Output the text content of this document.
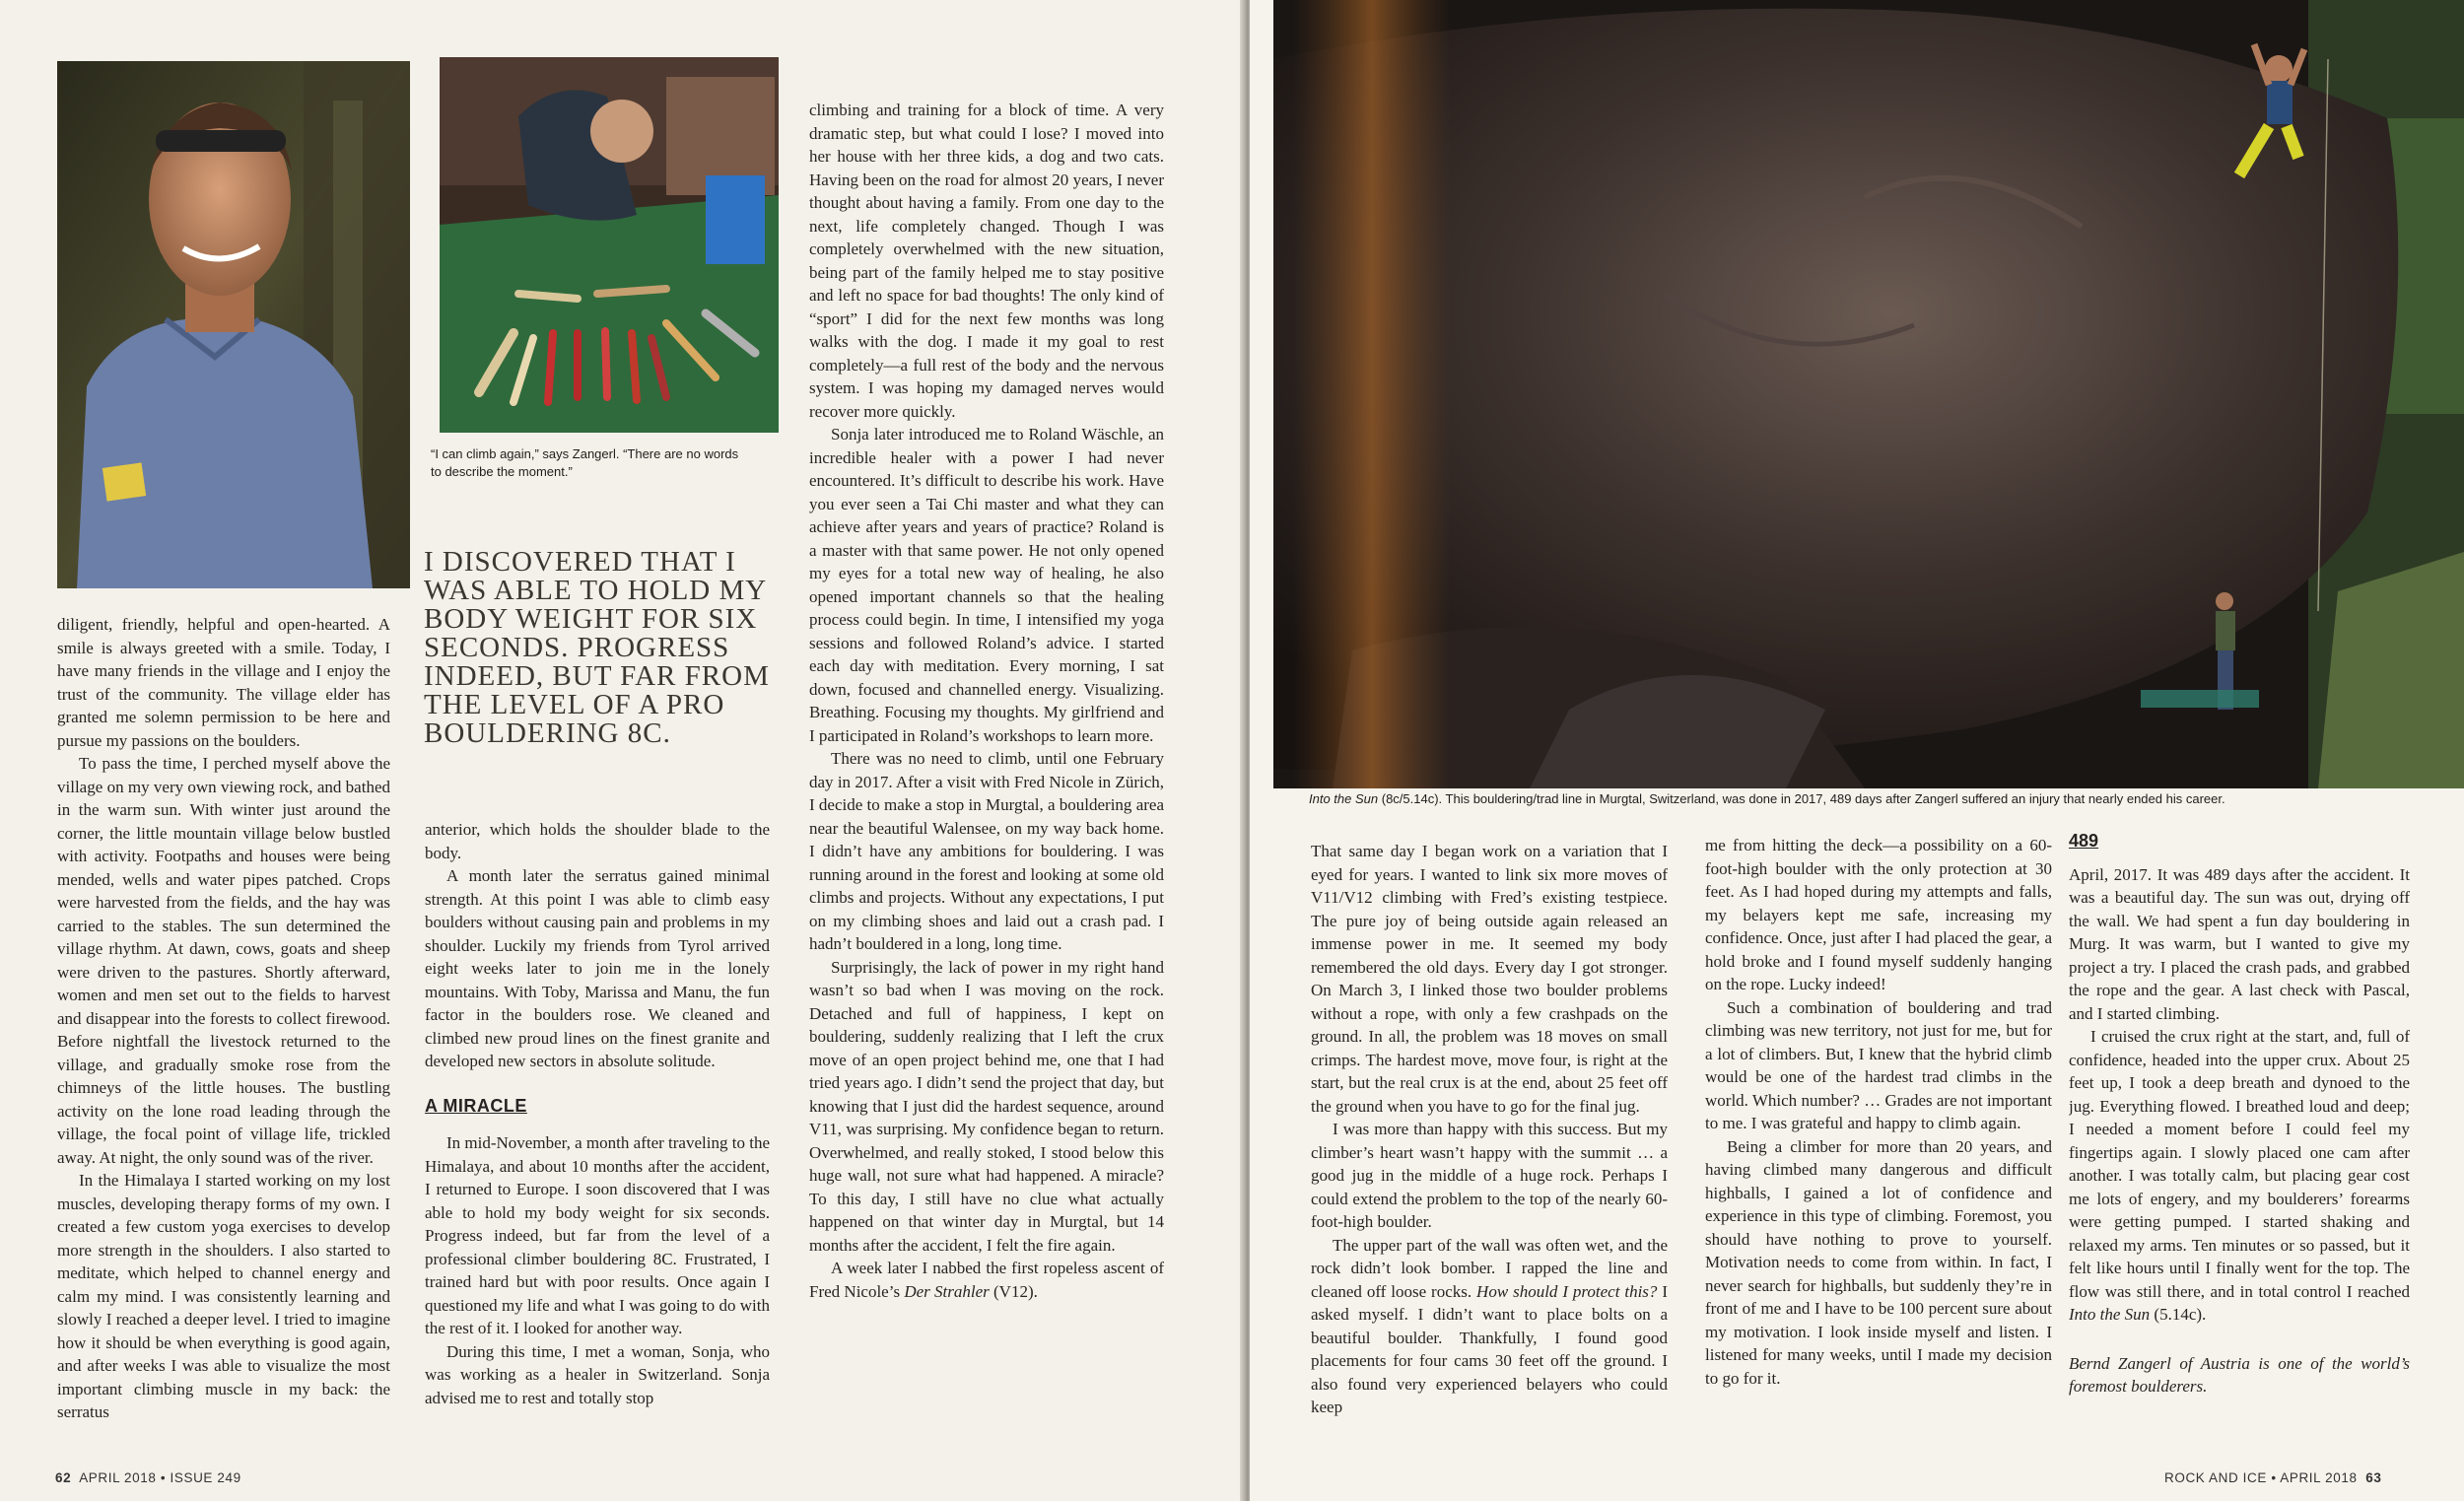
“I can climb again,” says Zangerl. “There are no words to describe the moment.”
I DISCOVERED THAT I WAS ABLE TO HOLD MY BODY WEIGHT FOR SIX SECONDS. PROGRESS INDEED, BUT FAR FROM THE LEVEL OF A PRO BOULDERING 8C.

diligent, friendly, helpful and open-hearted. A smile is always greeted with a smile. Today, I have many friends in the village and I enjoy the trust of the community. The village elder has granted me solemn permission to be here and pursue my passions on the boulders.

To pass the time, I perched myself above the village on my very own viewing rock, and bathed in the warm sun. With winter just around the corner, the little mountain village below bustled with activity. Footpaths and houses were being mended, wells and water pipes patched. Crops were harvested from the fields, and the hay was carried to the stables. The sun determined the village rhythm. At dawn, cows, goats and sheep were driven to the pastures. Shortly afterward, women and men set out to the fields to harvest and disappear into the forests to collect firewood. Before nightfall the livestock returned to the village, and gradually smoke rose from the chimneys of the little houses. The bustling activity on the lone road leading through the village, the focal point of village life, trickled away. At night, the only sound was of the river.

In the Himalaya I started working on my lost muscles, developing therapy forms of my own. I created a few custom yoga exercises to develop more strength in the shoulders. I also started to meditate, which helped to channel energy and calm my mind. I was consistently learning and slowly I reached a deeper level. I tried to imagine how it should be when everything is good again, and after weeks I was able to visualize the most important climbing muscle in my back: the serratus

anterior, which holds the shoulder blade to the body.

A month later the serratus gained minimal strength. At this point I was able to climb easy boulders without causing pain and problems in my shoulder. Luckily my friends from Tyrol arrived eight weeks later to join me in the lonely mountains. With Toby, Marissa and Manu, the fun factor in the boulders rose. We cleaned and climbed new proud lines on the finest granite and developed new sectors in absolute solitude.

A MIRACLE

In mid-November, a month after traveling to the Himalaya, and about 10 months after the accident, I returned to Europe. I soon discovered that I was able to hold my body weight for six seconds. Progress indeed, but far from the level of a professional climber bouldering 8C. Frustrated, I trained hard but with poor results. Once again I questioned my life and what I was going to do with the rest of it. I looked for another way.

During this time, I met a woman, Sonja, who was working as a healer in Switzerland. Sonja advised me to rest and totally stop

climbing and training for a block of time. A very dramatic step, but what could I lose? I moved into her house with her three kids, a dog and two cats. Having been on the road for almost 20 years, I never thought about having a family. From one day to the next, life completely changed. Though I was completely overwhelmed with the new situation, being part of the family helped me to stay positive and left no space for bad thoughts! The only kind of “sport” I did for the next few months was long walks with the dog. I made it my goal to rest completely—a full rest of the body and the nervous system. I was hoping my damaged nerves would recover more quickly.

Sonja later introduced me to Roland Wäschle, an incredible healer with a power I had never encountered. It’s difficult to describe his work. Have you ever seen a Tai Chi master and what they can achieve after years and years of practice? Roland is a master with that same power. He not only opened my eyes for a total new way of healing, he also opened important channels so that the healing process could begin. In time, I intensified my yoga sessions and followed Roland’s advice. I started each day with meditation. Every morning, I sat down, focused and channelled energy. Visualizing. Breathing. Focusing my thoughts. My girlfriend and I participated in Roland’s workshops to learn more.

There was no need to climb, until one February day in 2017. After a visit with Fred Nicole in Zürich, I decide to make a stop in Murgtal, a bouldering area near the beautiful Walensee, on my way back home. I didn’t have any ambitions for bouldering. I was running around in the forest and looking at some old climbs and projects. Without any expectations, I put on my climbing shoes and laid out a crash pad. I hadn’t bouldered in a long, long time.

Surprisingly, the lack of power in my right hand wasn’t so bad when I was moving on the rock. Detached and full of happiness, I kept on bouldering, suddenly realizing that I left the crux move of an open project behind me, one that I had tried years ago. I didn’t send the project that day, but knowing that I just did the hardest sequence, around V11, was surprising. My confidence began to return. Overwhelmed, and really stoked, I stood below this huge wall, not sure what had happened. A miracle? To this day, I still have no clue what actually happened on that winter day in Murgtal, but 14 months after the accident, I felt the fire again.

A week later I nabbed the first ropeless ascent of Fred Nicole’s Der Strahler (V12).

62 APRIL 2018 • ISSUE 249
Into the Sun (8c/5.14c). This bouldering/trad line in Murgtal, Switzerland, was done in 2017, 489 days after Zangerl suffered an injury that nearly ended his career.

That same day I began work on a variation that I eyed for years. I wanted to link six more moves of V11/V12 climbing with Fred’s existing testpiece. The pure joy of being outside again released an immense power in me. It seemed my body remembered the old days. Every day I got stronger. On March 3, I linked those two boulder problems without a rope, with only a few crashpads on the ground. In all, the problem was 18 moves on small crimps. The hardest move, move four, is right at the start, but the real crux is at the end, about 25 feet off the ground when you have to go for the final jug.

I was more than happy with this success. But my climber’s heart wasn’t happy with the summit … a good jug in the middle of a huge rock. Perhaps I could extend the problem to the top of the nearly 60-foot-high boulder.

The upper part of the wall was often wet, and the rock didn’t look bomber. I rapped the line and cleaned off loose rocks. How should I protect this? I asked myself. I didn’t want to place bolts on a beautiful boulder. Thankfully, I found good placements for four cams 30 feet off the ground. I also found very experienced belayers who could keep

me from hitting the deck—a possibility on a 60-foot-high boulder with the only protection at 30 feet. As I had hoped during my attempts and falls, my belayers kept me safe, increasing my confidence. Once, just after I had placed the gear, a hold broke and I found myself suddenly hanging on the rope. Lucky indeed!

Such a combination of bouldering and trad climbing was new territory, not just for me, but for a lot of climbers. But, I knew that the hybrid climb would be one of the hardest trad climbs in the world. Which number? … Grades are not important to me. I was grateful and happy to climb again.

Being a climber for more than 20 years, and having climbed many dangerous and difficult highballs, I gained a lot of confidence and experience in this type of climbing. Foremost, you should have nothing to prove to yourself. Motivation needs to come from within. In fact, I never search for highballs, but suddenly they’re in front of me and I have to be 100 percent sure about my motivation. I look inside myself and listen. I listened for many weeks, until I made my decision to go for it.

489

April, 2017. It was 489 days after the accident. It was a beautiful day. The sun was out, drying off the wall. We had spent a fun day bouldering in Murg. It was warm, but I wanted to give my project a try. I placed the crash pads, and grabbed the rope and the gear. A last check with Pascal, and I started climbing.

I cruised the crux right at the start, and, full of confidence, headed into the upper crux. About 25 feet up, I took a deep breath and dynoed to the jug. Everything flowed. I breathed loud and deep; I needed a moment before I could feel my fingertips again. I slowly placed one cam after another. I was totally calm, but placing gear cost me lots of engery, and my boulderers’ forearms were getting pumped. I started shaking and relaxed my arms. Ten minutes or so passed, but it felt like hours until I finally went for the top. The flow was still there, and in total control I reached Into the Sun (5.14c).

Bernd Zangerl of Austria is one of the world’s foremost boulderers.

ROCK AND ICE • APRIL 2018 63
